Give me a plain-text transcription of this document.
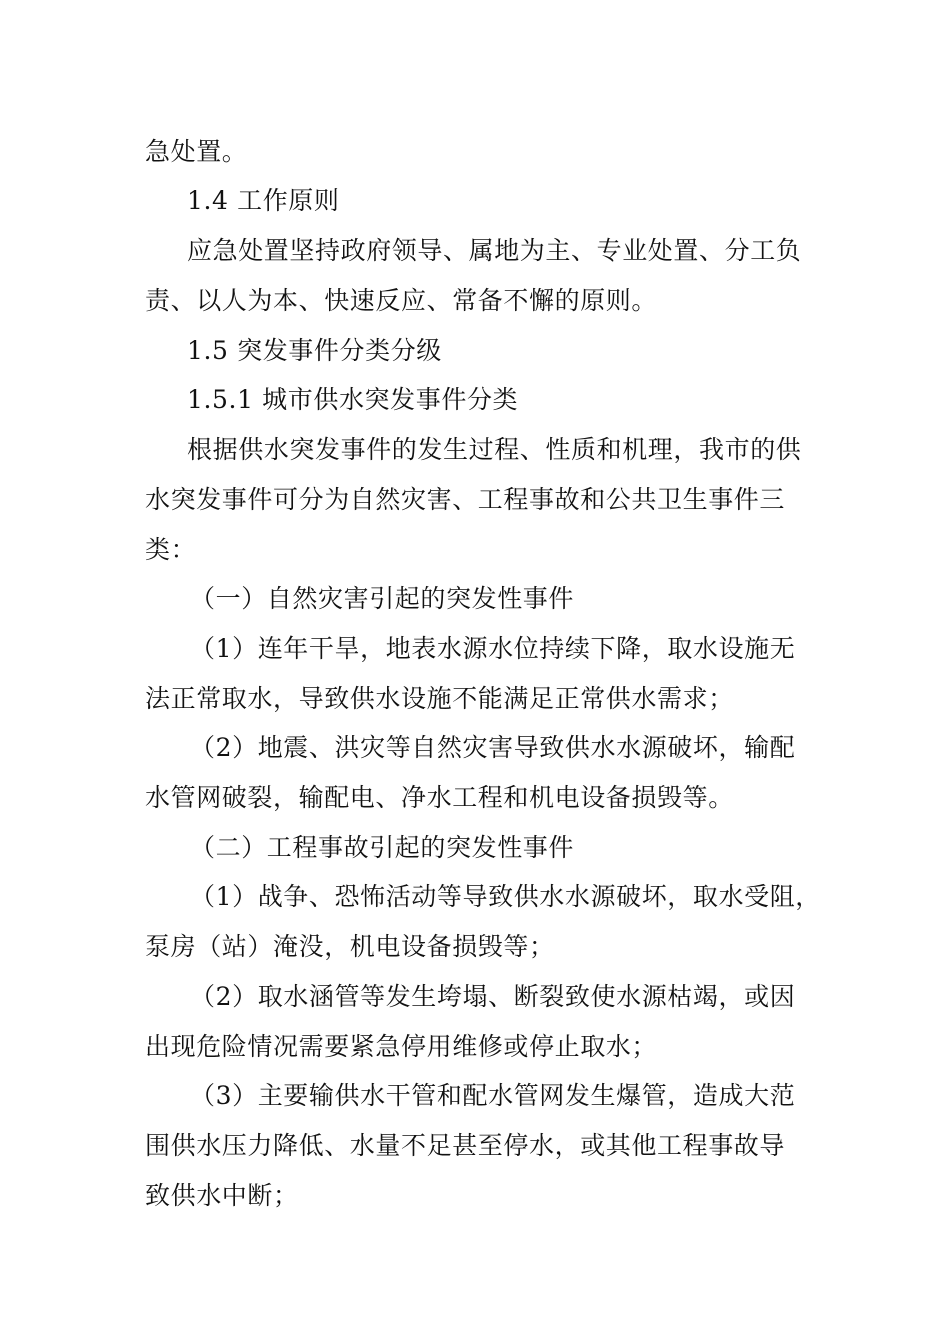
急处置。
1.4 工作原则
应急处置坚持政府领导、属地为主、专业处置、分工负
责、以人为本、快速反应、常备不懈的原则。
1.5 突发事件分类分级
1.5.1 城市供水突发事件分类
根据供水突发事件的发生过程、性质和机理，我市的供
水突发事件可分为自然灾害、工程事故和公共卫生事件三
类：
（一）自然灾害引起的突发性事件
（1）连年干旱，地表水源水位持续下降，取水设施无
法正常取水，导致供水设施不能满足正常供水需求；
（2）地震、洪灾等自然灾害导致供水水源破坏，输配
水管网破裂，输配电、净水工程和机电设备损毁等。
（二）工程事故引起的突发性事件
（1）战争、恐怖活动等导致供水水源破坏，取水受阻，
泵房（站）淹没，机电设备损毁等；
（2）取水涵管等发生垮塌、断裂致使水源枯竭，或因
出现危险情况需要紧急停用维修或停止取水；
（3）主要输供水干管和配水管网发生爆管，造成大范
围供水压力降低、水量不足甚至停水，或其他工程事故导
致供水中断；
